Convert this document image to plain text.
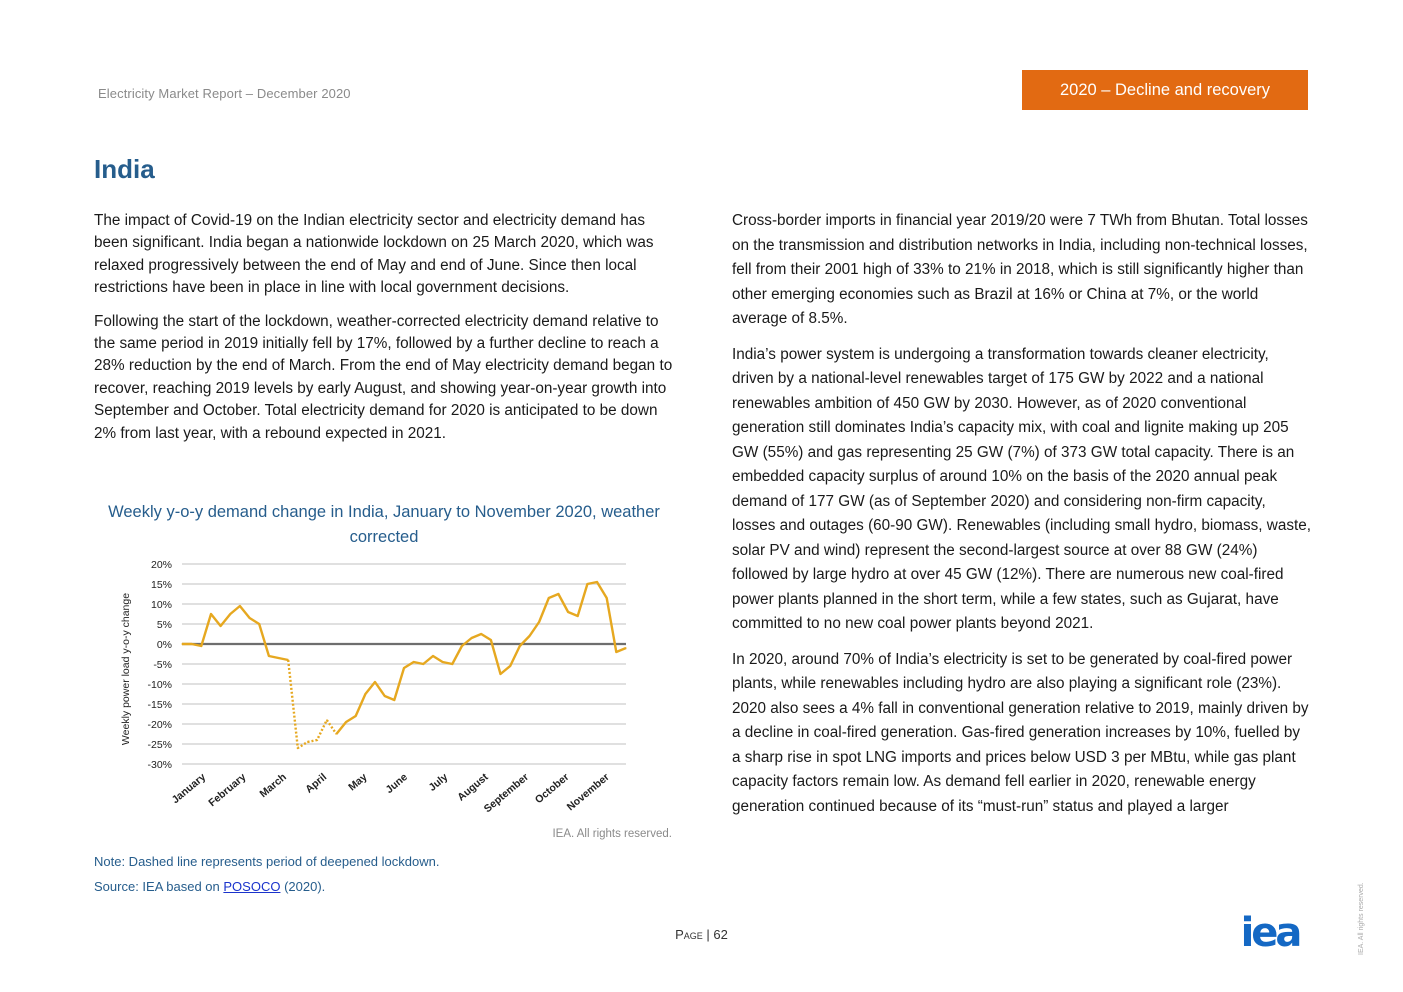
Electricity Market Report – December 2020	2020 – Decline and recovery
India

The impact of Covid-19 on the Indian electricity sector and electricity demand has been significant. India began a nationwide lockdown on 25 March 2020, which was relaxed progressively between the end of May and end of June. Since then local restrictions have been in place in line with local government decisions.

Following the start of the lockdown, weather-corrected electricity demand relative to the same period in 2019 initially fell by 17%, followed by a further decline to reach a 28% reduction by the end of March. From the end of May electricity demand began to recover, reaching 2019 levels by early August, and showing year-on-year growth into September and October. Total electricity demand for 2020 is anticipated to be down 2% from last year, with a rebound expected in 2021.

Weekly y-o-y demand change in India, January to November 2020, weather corrected
20%
15%
10%
5%
0%
-5%
-10%
-15%
-20%
-25%
-30%
January
February March April May June July August
September October
November
Weekly power load y-o-y change
IEA. All rights reserved.
Note: Dashed line represents period of deepened lockdown.
Source: IEA based on POSOCO (2020).

Cross-border imports in financial year 2019/20 were 7 TWh from Bhutan. Total losses on the transmission and distribution networks in India, including non-technical losses, fell from their 2001 high of 33% to 21% in 2018, which is still significantly higher than other emerging economies such as Brazil at 16% or China at 7%, or the world average of 8.5%.

India’s power system is undergoing a transformation towards cleaner electricity, driven by a national-level renewables target of 175 GW by 2022 and a national renewables ambition of 450 GW by 2030. However, as of 2020 conventional generation still dominates India’s capacity mix, with coal and lignite making up 205 GW (55%) and gas representing 25 GW (7%) of 373 GW total capacity. There is an embedded capacity surplus of around 10% on the basis of the 2020 annual peak demand of 177 GW (as of September 2020) and considering non-firm capacity, losses and outages (60-90 GW). Renewables (including small hydro, biomass, waste, solar PV and wind) represent the second-largest source at over 88 GW (24%) followed by large hydro at over 45 GW (12%). There are numerous new coal-fired power plants planned in the short term, while a few states, such as Gujarat, have committed to no new coal power plants beyond 2021.

In 2020, around 70% of India’s electricity is set to be generated by coal-fired power plants, while renewables including hydro are also playing a significant role (23%). 2020 also sees a 4% fall in conventional generation relative to 2019, mainly driven by a decline in coal-fired generation. Gas-fired generation increases by 10%, fuelled by a sharp rise in spot LNG imports and prices below USD 3 per MBtu, while gas plant capacity factors remain low. As demand fell earlier in 2020, renewable energy generation continued because of its “must-run” status and played a larger

Page | 62	iea	IEA. All rights reserved.
